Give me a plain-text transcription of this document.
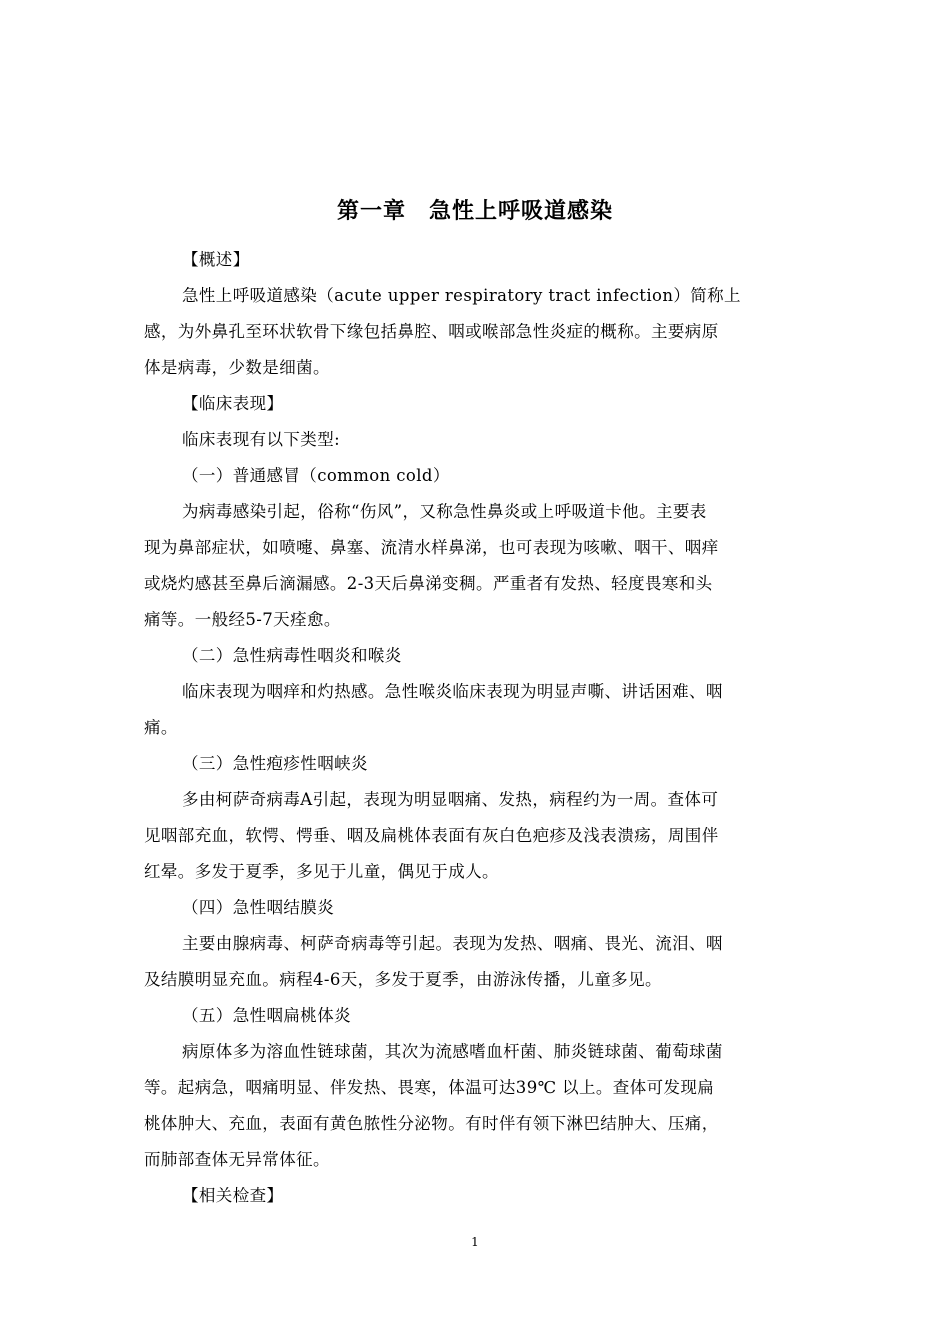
第一章　急性上呼吸道感染
【概述】
急性上呼吸道感染（acute upper respiratory tract infection）简称上
感，为外鼻孔至环状软骨下缘包括鼻腔、咽或喉部急性炎症的概称。主要病原
体是病毒，少数是细菌。
【临床表现】
临床表现有以下类型:
（一）普通感冒（common cold）
为病毒感染引起，俗称“伤风”，又称急性鼻炎或上呼吸道卡他。主要表
现为鼻部症状，如喷嚏、鼻塞、流清水样鼻涕，也可表现为咳嗽、咽干、咽痒
或烧灼感甚至鼻后滴漏感。2-3天后鼻涕变稠。严重者有发热、轻度畏寒和头
痛等。一般经5-7天痊愈。
（二）急性病毒性咽炎和喉炎
临床表现为咽痒和灼热感。急性喉炎临床表现为明显声嘶、讲话困难、咽
痛。
（三）急性疱疹性咽峡炎
多由柯萨奇病毒A引起，表现为明显咽痛、发热，病程约为一周。查体可
见咽部充血，软愕、愕垂、咽及扁桃体表面有灰白色疤疹及浅表溃疡，周围伴
红晕。多发于夏季，多见于儿童，偶见于成人。
（四）急性咽结膜炎
主要由腺病毒、柯萨奇病毒等引起。表现为发热、咽痛、畏光、流泪、咽
及结膜明显充血。病程4-6天，多发于夏季，由游泳传播，儿童多见。
（五）急性咽扁桃体炎
病原体多为溶血性链球菌，其次为流感嗜血杆菌、肺炎链球菌、葡萄球菌
等。起病急，咽痛明显、伴发热、畏寒，体温可达39℃ 以上。查体可发现扁
桃体肿大、充血，表面有黄色脓性分泌物。有时伴有领下淋巴结肿大、压痛，
而肺部查体无异常体征。
【相关检查】
1
